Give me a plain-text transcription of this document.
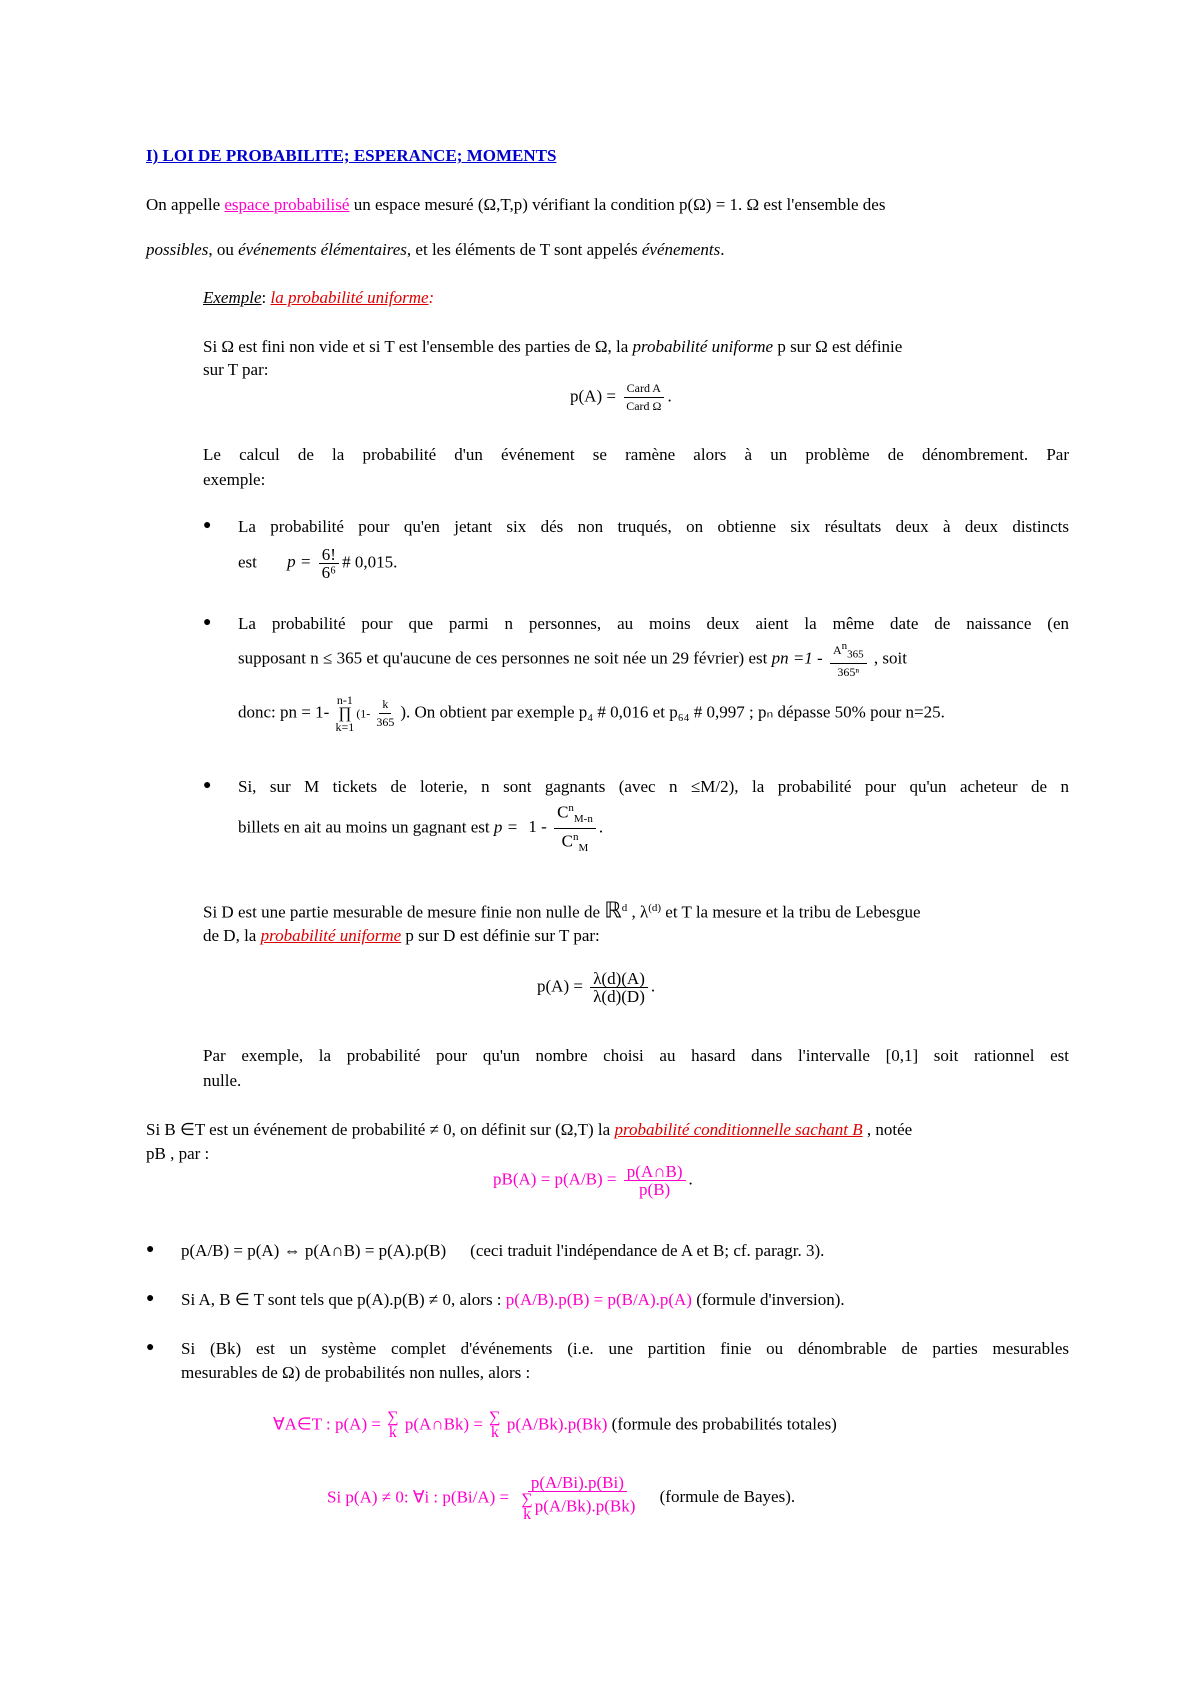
I) LOI DE PROBABILITE; ESPERANCE; MOMENTS
On appelle espace probabilisé un espace mesuré (Ω,T,p) vérifiant la condition p(Ω) = 1. Ω est l'ensemble des
possibles, ou événements élémentaires, et les éléments de T sont appelés événements.
Exemple: la probabilité uniforme:
Si Ω est fini non vide et si T est l'ensemble des parties de Ω, la probabilité uniforme p sur Ω est définie
sur T par:
$p(A) = \frac{\text{Card A}}{\text{Card Ω}}$ .
Le calcul de la probabilité d'un événement se ramène alors à un problème de dénombrement. Par
exemple:
● La probabilité pour qu'en jetant six dés non truqués, on obtienne six résultats deux à deux distincts
est $p = \frac{6!}{\text{6⁶}}$ # 0,015.
● La probabilité pour que parmi n personnes, au moins deux aient la même date de naissance (en
supposant n ≤ 365 et qu'aucune de ces personnes ne soit née un 29 février) est pn $=1 - \frac{A^n_{365}}{\text{365ⁿ}}$ , soit
donc: pn = 1-
n-1
∏
k=1
($1- \frac{k}{365}$ ). On obtient par exemple p₄ # 0,016 et p₆₄ # 0,997 ; pₙ dépasse 50% pour n=25.
● Si, sur M tickets de loterie, n sont gagnants (avec n ≤M/2), la probabilité pour qu'un acheteur de n
billets en ait au moins un gagnant est $p = 1 - \frac{C^n_{M-n}}{C^n_M}$ .
Si D est une partie mesurable de mesure finie non nulle de ℝ$^d$ , $\lambda^{(d)}$ et T la mesure et la tribu de Lebesgue
de D, la probabilité uniforme p sur D est définie sur T par:
$p(A) = \frac{\lambda(d)(A)}{\lambda(d)(D)}$ .
Par exemple, la probabilité pour qu'un nombre choisi au hasard dans l'intervalle [0,1] soit rationnel est
nulle.
Si B ∈T est un événement de probabilité ≠ 0, on définit sur (Ω,T) la probabilité conditionnelle sachant B , notée
pB , par :
$pB(A) = p(A/B) = \frac{p(A\cap B)}{p(B)}$ .
● p(A/B) = p(A) ⇔ p(A∩B) = p(A).p(B) (ceci traduit l'indépendance de A et B; cf. paragr. 3).
● Si A, B ∈ T sont tels que p(A).p(B) ≠ 0, alors : p(A/B).p(B) = p(B/A).p(A) (formule d'inversion).
● Si (Bk) est un système complet d'événements (i.e. une partition finie ou dénombrable de parties mesurables
mesurables de Ω) de probabilités non nulles, alors :
∀A∈T : p(A) = ∑
k p(A∩Bk) = ∑
k p(A/Bk).p(Bk) (formule des probabilités totales)
Si p(A) ≠ 0: ∀i : p(Bi/A) = p(A/Bi).p(Bi)
∑
k p(A/Bk).p(Bk) (formule de Bayes).
